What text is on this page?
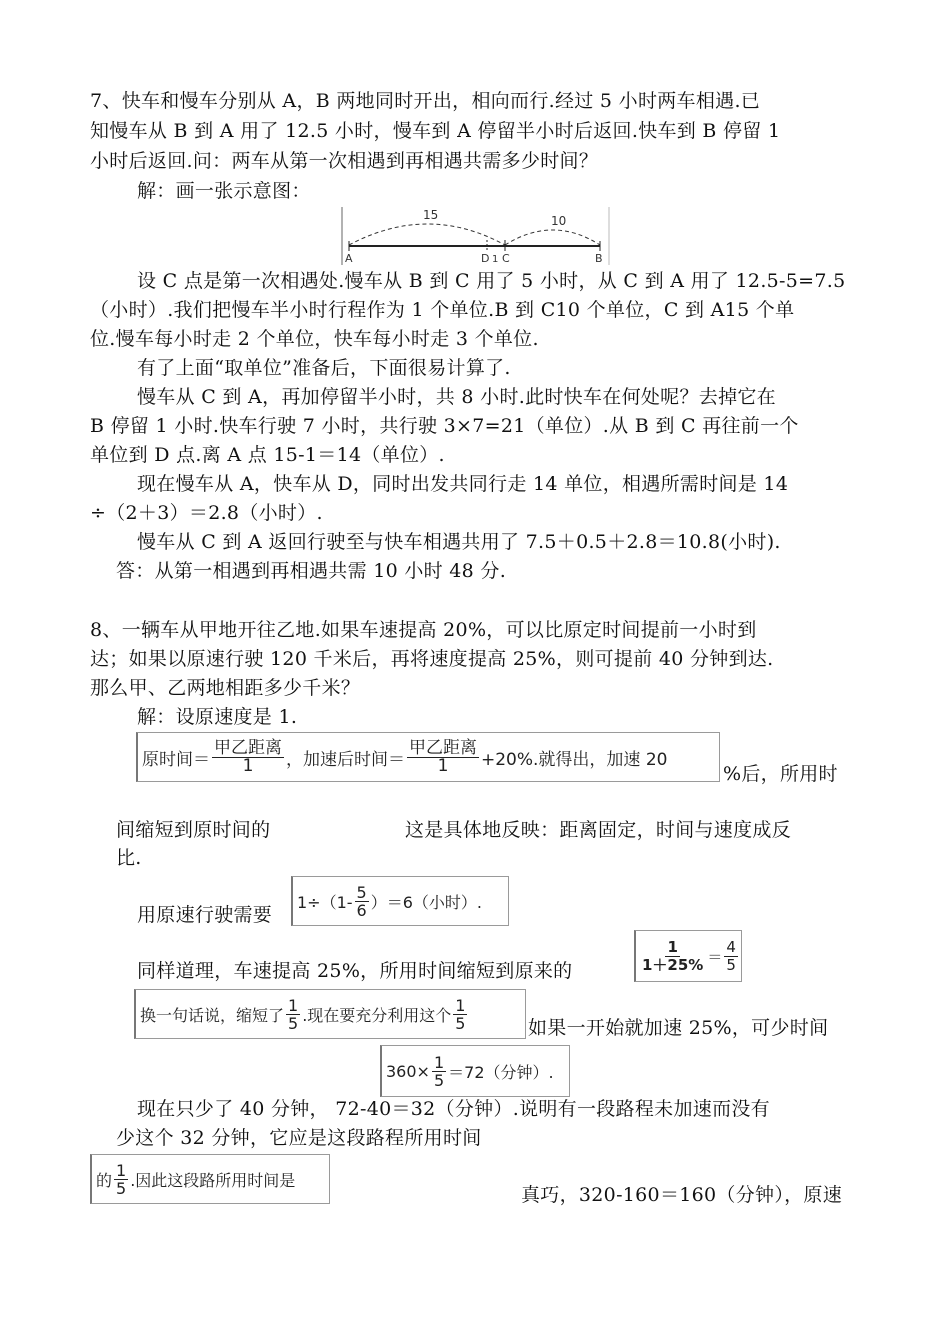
7、快车和慢车分别从 A，B 两地同时开出，相向而行.经过 5 小时两车相遇.已
知慢车从 B 到 A 用了 12.5 小时，慢车到 A 停留半小时后返回.快车到 B 停留 1
小时后返回.问：两车从第一次相遇到再相遇共需多少时间？
解：画一张示意图：
15	10
A	D 1 C	B
设 C 点是第一次相遇处.慢车从 B 到 C 用了 5 小时，从 C 到 A 用了 12.5-5=7.5
（小时）.我们把慢车半小时行程作为 1 个单位.B 到 C10 个单位，C 到 A15 个单
位.慢车每小时走 2 个单位，快车每小时走 3 个单位.
有了上面“取单位”准备后，下面很易计算了.
慢车从 C 到 A，再加停留半小时，共 8 小时.此时快车在何处呢？去掉它在
B 停留 1 小时.快车行驶 7 小时，共行驶 3×7=21（单位）.从 B 到 C 再往前一个
单位到 D 点.离 A 点 15-1＝14（单位）.
现在慢车从 A，快车从 D，同时出发共同行走 14 单位，相遇所需时间是 14
÷（2＋3）＝2.8（小时）.
慢车从 C 到 A 返回行驶至与快车相遇共用了 7.5＋0.5＋2.8＝10.8(小时).
答：从第一相遇到再相遇共需 10 小时 48 分.
8、一辆车从甲地开往乙地.如果车速提高 20%，可以比原定时间提前一小时到
达；如果以原速行驶 120 千米后，再将速度提高 25%，则可提前 40 分钟到达.
那么甲、乙两地相距多少千米？
解：设原速度是 1.
原时间＝ $\frac{\text{甲乙距离}}{1}$ ，加速后时间＝ $\frac{\text{甲乙距离}}{1} +20\%$.就得出，加速 20
%后，所用时
间缩短到原时间的	这是具体地反映：距离固定，时间与速度成反
比.
用原速行驶需要
$1\div(1- \frac{5}{6} )=6$（小时）.
同样道理，车速提高 25%，所用时间缩短到原来的	$\frac{1}{1+25\%} = \frac{4}{5}$
换一句话说，缩短了 $\frac{1}{5}$ .现在要充分利用这个 $\frac{1}{5}$	如果一开始就加速 25%，可少时间
$360\times \frac{1}{5} =72$（分钟）.
现在只少了 40 分钟， 72-40＝32（分钟）.说明有一段路程未加速而没有
少这个 32 分钟，它应是这段路程所用时间
的 $\frac{1}{5}$ .因此这段路所用时间是
真巧，320-160＝160（分钟），原速
